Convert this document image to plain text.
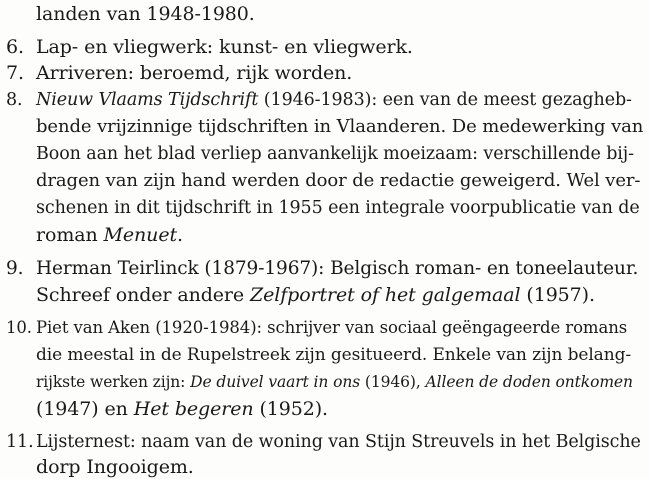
landen van 1948-1980.
6. Lap- en vliegwerk: kunst- en vliegwerk.
7. Arriveren: beroemd, rijk worden.
8. Nieuw Vlaams Tijdschrift (1946-1983): een van de meest gezagheb-
bende vrijzinnige tijdschriften in Vlaanderen. De medewerking van
Boon aan het blad verliep aanvankelijk moeizaam: verschillende bij-
dragen van zijn hand werden door de redactie geweigerd. Wel ver-
schenen in dit tijdschrift in 1955 een integrale voorpublicatie van de
roman Menuet.
9. Herman Teirlinck (1879-1967): Belgisch roman- en toneelauteur.
Schreef onder andere Zelfportret of het galgemaal (1957).
10. Piet van Aken (1920-1984): schrijver van sociaal geëngageerde romans
die meestal in de Rupelstreek zijn gesitueerd. Enkele van zijn belang-
rijkste werken zijn: De duivel vaart in ons (1946), Alleen de doden ontkomen
(1947) en Het begeren (1952).
11. Lijsternest: naam van de woning van Stijn Streuvels in het Belgische
dorp Ingooigem.
